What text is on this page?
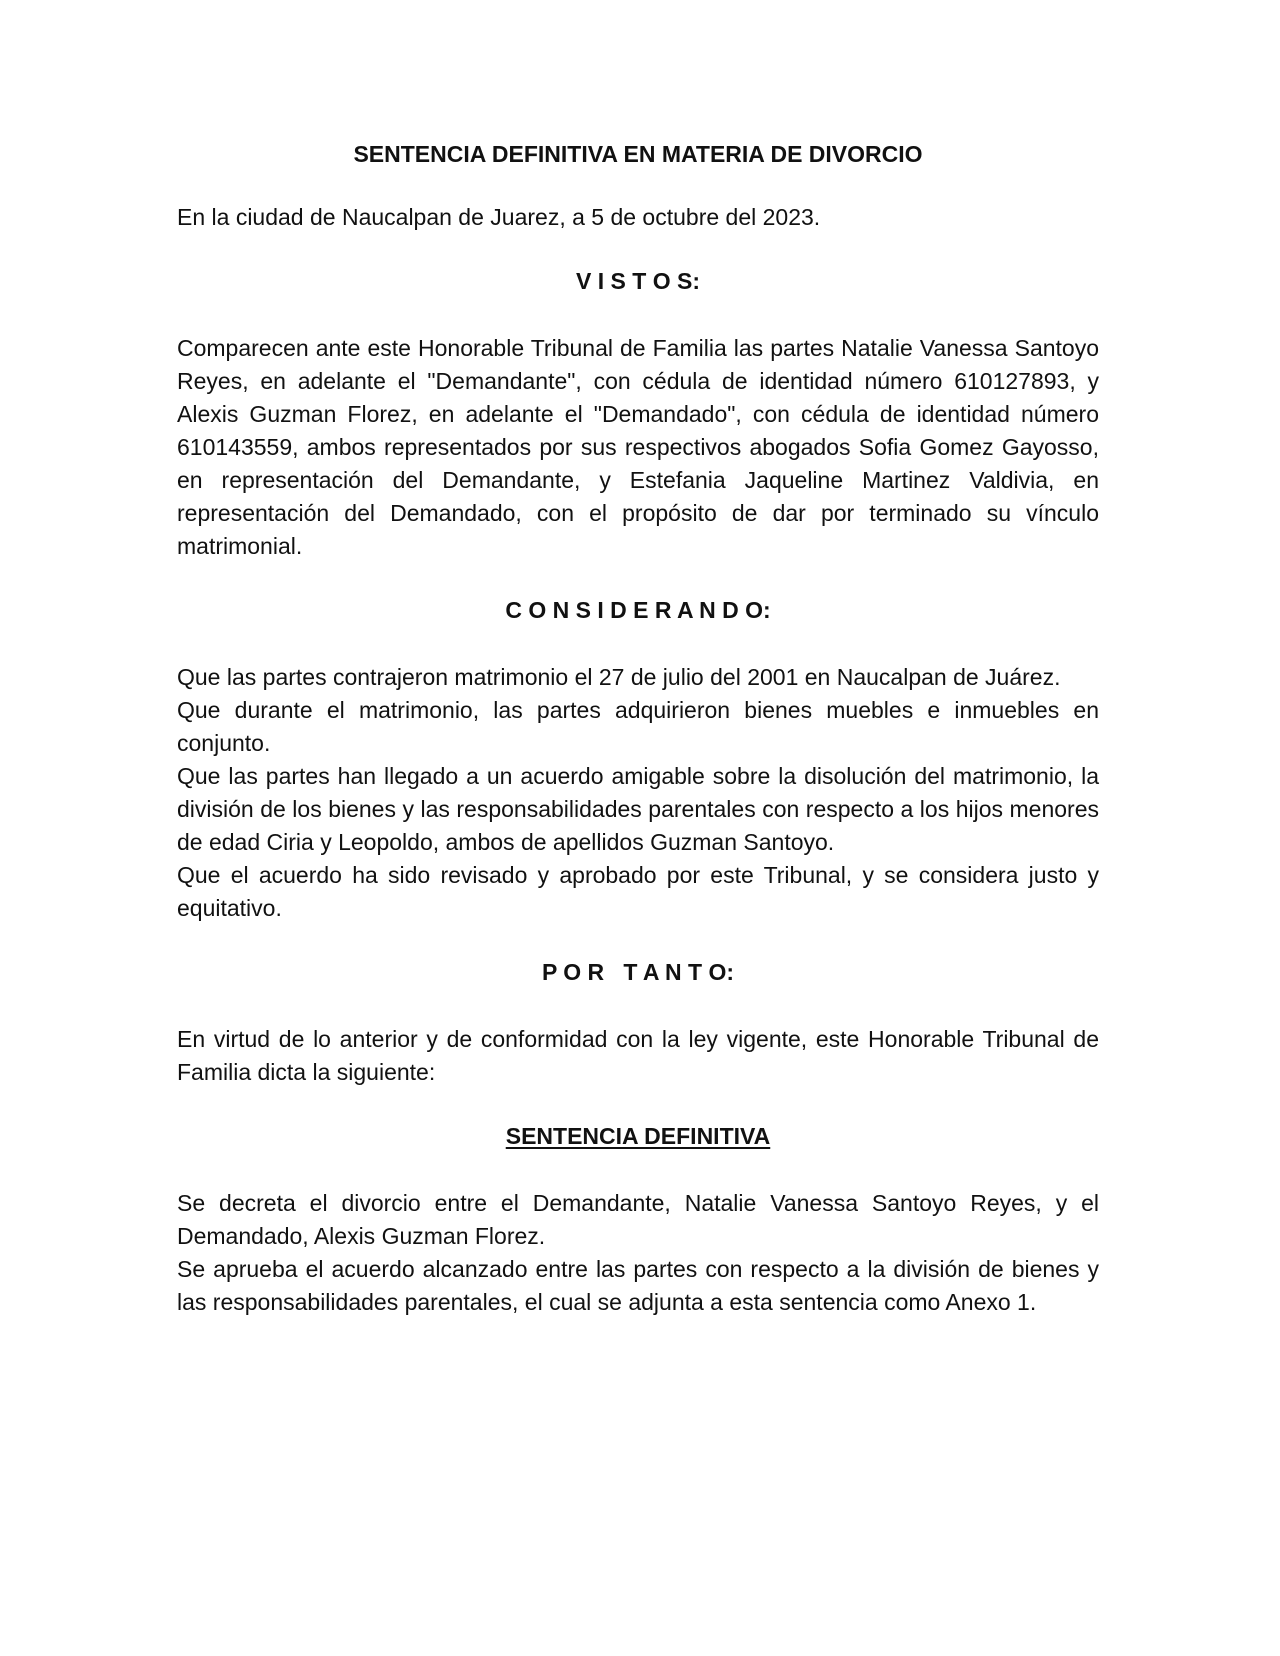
SENTENCIA DEFINITIVA EN MATERIA DE DIVORCIO

En la ciudad de Naucalpan de Juarez, a 5 de octubre del 2023.

V I S T O S:

Comparecen ante este Honorable Tribunal de Familia las partes Natalie Vanessa Santoyo Reyes, en adelante el "Demandante", con cédula de identidad número 610127893, y Alexis Guzman Florez, en adelante el "Demandado", con cédula de identidad número 610143559, ambos representados por sus respectivos abogados Sofia Gomez Gayosso, en representación del Demandante, y Estefania Jaqueline Martinez Valdivia, en representación del Demandado, con el propósito de dar por terminado su vínculo matrimonial.

C O N S I D E R A N D O:

Que las partes contrajeron matrimonio el 27 de julio del 2001 en Naucalpan de Juárez.

Que durante el matrimonio, las partes adquirieron bienes muebles e inmuebles en conjunto.

Que las partes han llegado a un acuerdo amigable sobre la disolución del matrimonio, la división de los bienes y las responsabilidades parentales con respecto a los hijos menores de edad Ciria y Leopoldo, ambos de apellidos Guzman Santoyo.

Que el acuerdo ha sido revisado y aprobado por este Tribunal, y se considera justo y equitativo.

P O R   T A N T O:

En virtud de lo anterior y de conformidad con la ley vigente, este Honorable Tribunal de Familia dicta la siguiente:

SENTENCIA DEFINITIVA

Se decreta el divorcio entre el Demandante, Natalie Vanessa Santoyo Reyes, y el Demandado, Alexis Guzman Florez.

Se aprueba el acuerdo alcanzado entre las partes con respecto a la división de bienes y las responsabilidades parentales, el cual se adjunta a esta sentencia como Anexo 1.
